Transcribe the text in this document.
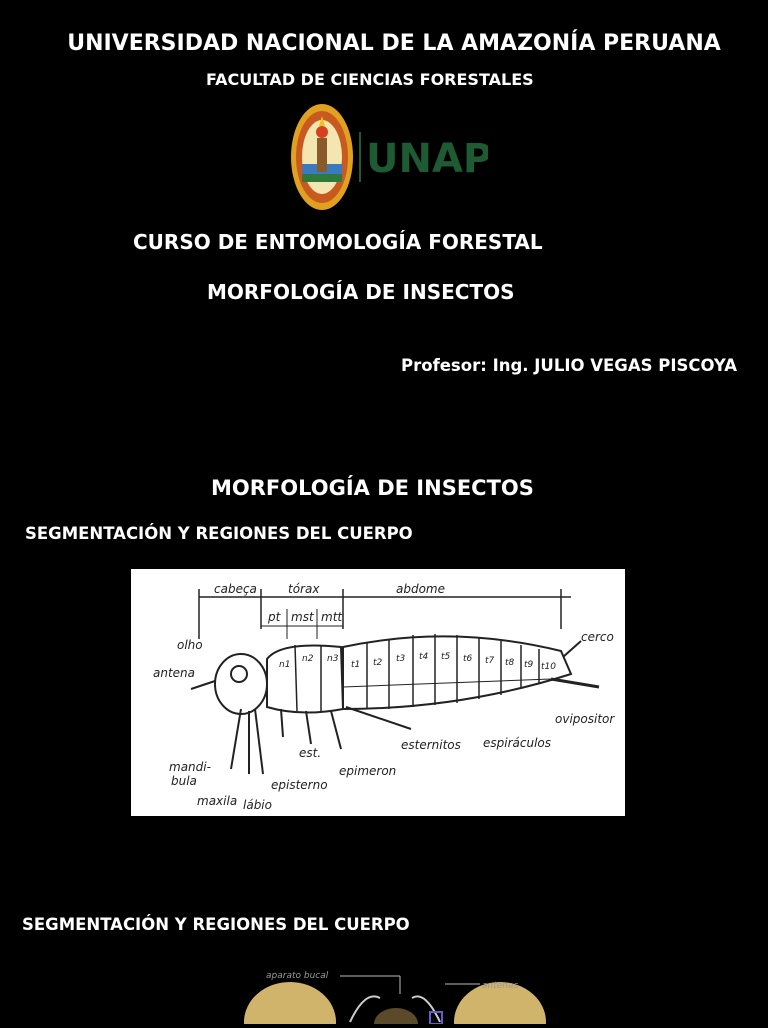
UNIVERSIDAD NACIONAL DE LA AMAZONÍA PERUANA
FACULTAD DE CIENCIAS FORESTALES
UNAP
CURSO DE ENTOMOLOGÍA FORESTAL
MORFOLOGÍA DE INSECTOS
Profesor: Ing. JULIO VEGAS PISCOYA
MORFOLOGÍA DE INSECTOS
SEGMENTACIÓN Y REGIONES DEL CUERPO
cabeça	tórax	abdome
pt mst mtt
olho
antena
cerco
ovipositor
esternitos espiráculos
mandi-
bula
maxila lábio
est.
episterno
epimeron
n1
n2 n3
t1 t2 t3 t4 t5 t6 t7 t8 t9 t10
SEGMENTACIÓN Y REGIONES DEL CUERPO
aparato bucal
antenas
